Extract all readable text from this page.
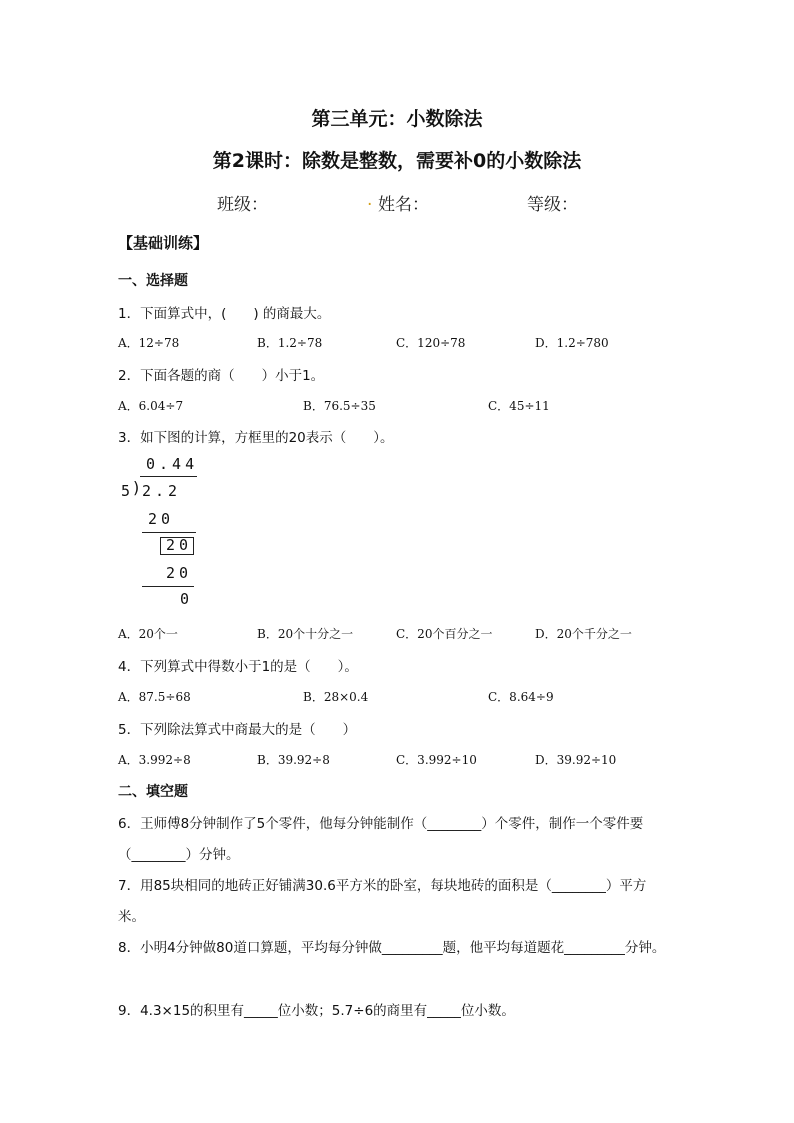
第三单元：小数除法
第2课时：除数是整数，需要补0的小数除法
班级：	. 姓名：	等级：
【基础训练】
一、选择题
1．下面算式中，(　　) 的商最大。
A．12÷78	B．1.2÷78	C．120÷78	D．1.2÷780
2．下面各题的商（　　）小于1。
A．6.04÷7	B．76.5÷35	C．45÷11
3．如下图的计算，方框里的20表示（　　）。
0.44
5
) 2.2
20
20
20
0
A．20个一	B．20个十分之一	C．20个百分之一	D．20个千分之一
4．下列算式中得数小于1的是（　　）。
A．87.5÷68	B．28×0.4	C．8.64÷9
5．下列除法算式中商最大的是（　　）
A．3.992÷8	B．39.92÷8	C．3.992÷10	D．39.92÷10
二、填空题
6．王师傅8分钟制作了5个零件，他每分钟能制作（________）个零件，制作一个零件要
（________）分钟。
7．用85块相同的地砖正好铺满30.6平方米的卧室，每块地砖的面积是（________）平方
米。
8．小明4分钟做80道口算题，平均每分钟做_________题，他平均每道题花_________分钟。
9．4.3×15的积里有_____位小数；5.7÷6的商里有_____位小数。
